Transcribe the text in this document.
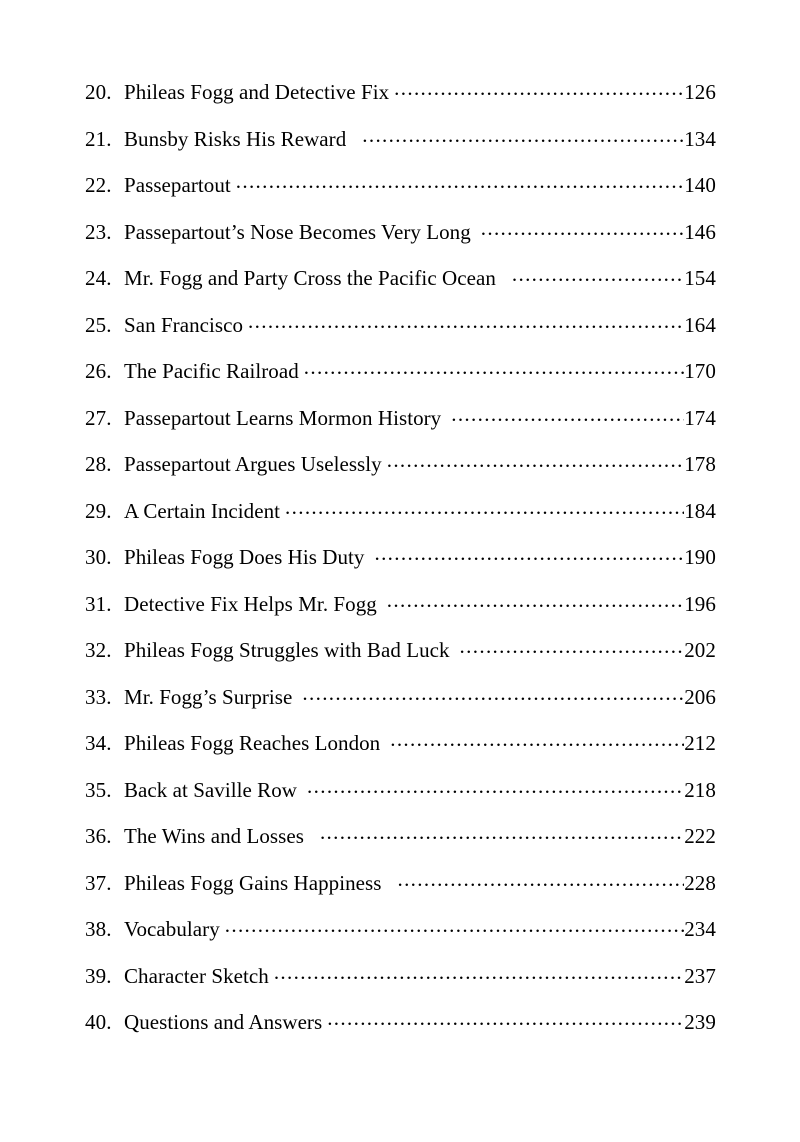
20. Phileas Fogg and Detective Fix .....	126
21. Bunsby Risks His Reward .....	134
22. Passepartout .....	140
23. Passepartout’s Nose Becomes Very Long .....	146
24. Mr. Fogg and Party Cross the Pacific Ocean .....	154
25. San Francisco .....	164
26. The Pacific Railroad .....	170
27. Passepartout Learns Mormon History .....	174
28. Passepartout Argues Uselessly .....	178
29. A Certain Incident .....	184
30. Phileas Fogg Does His Duty .....	190
31. Detective Fix Helps Mr. Fogg .....	196
32. Phileas Fogg Struggles with Bad Luck .....	202
33. Mr. Fogg’s Surprise .....	206
34. Phileas Fogg Reaches London .....	212
35. Back at Saville Row .....	218
36. The Wins and Losses .....	222
37. Phileas Fogg Gains Happiness .....	228
38. Vocabulary .....	234
39. Character Sketch .....	237
40. Questions and Answers .....	239
